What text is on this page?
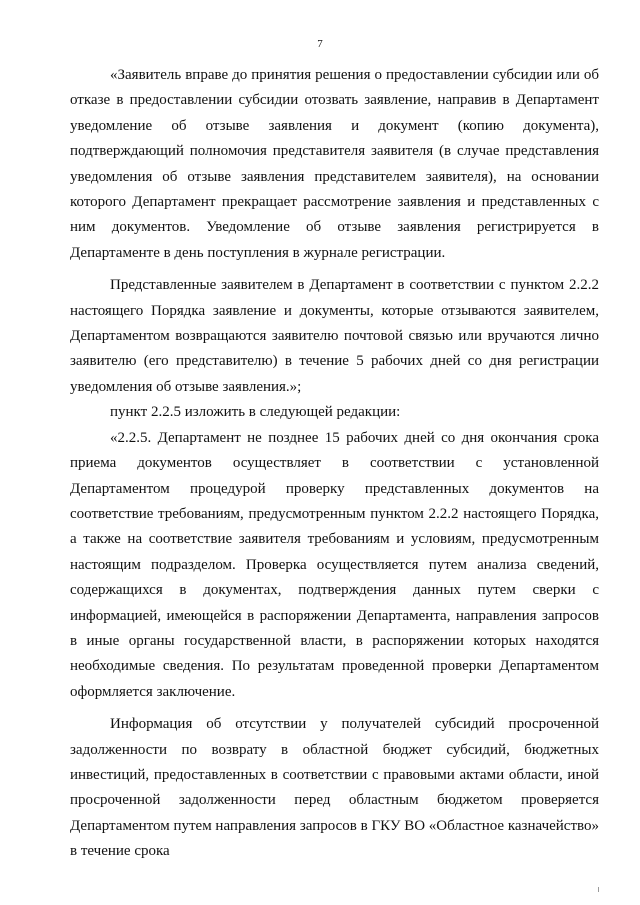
7

«Заявитель вправе до принятия решения о предоставлении субсидии или об отказе в предоставлении субсидии отозвать заявление, направив в Департамент уведомление об отзыве заявления и документ (копию документа), подтверждающий полномочия представителя заявителя (в случае представления уведомления об отзыве заявления представителем заявителя), на основании которого Департамент прекращает рассмотрение заявления и представленных с ним документов. Уведомление об отзыве заявления регистрируется в Департаменте в день поступления в журнале регистрации.

Представленные заявителем в Департамент в соответствии с пунктом 2.2.2 настоящего Порядка заявление и документы, которые отзываются заявителем, Департаментом возвращаются заявителю почтовой связью или вручаются лично заявителю (его представителю) в течение 5 рабочих дней со дня регистрации уведомления об отзыве заявления.»;

пункт 2.2.5 изложить в следующей редакции:

«2.2.5. Департамент не позднее 15 рабочих дней со дня окончания срока приема документов осуществляет в соответствии с установленной Департаментом процедурой проверку представленных документов на соответствие требованиям, предусмотренным пунктом 2.2.2 настоящего Порядка, а также на соответствие заявителя требованиям и условиям, предусмотренным настоящим подразделом. Проверка осуществляется путем анализа сведений, содержащихся в документах, подтверждения данных путем сверки с информацией, имеющейся в распоряжении Департамента, направления запросов в иные органы государственной власти, в распоряжении которых находятся необходимые сведения. По результатам проведенной проверки Департаментом оформляется заключение.

Информация об отсутствии у получателей субсидий просроченной задолженности по возврату в областной бюджет субсидий, бюджетных инвестиций, предоставленных в соответствии с правовыми актами области, иной просроченной задолженности перед областным бюджетом проверяется Департаментом путем направления запросов в ГКУ ВО «Областное казначейство» в течение срока
